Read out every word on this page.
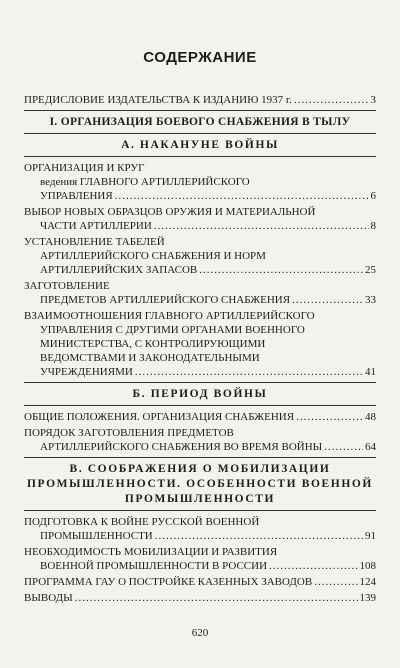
СОДЕРЖАНИЕ
ПРЕДИСЛОВИЕ ИЗДАТЕЛЬСТВА К ИЗДАНИЮ 1937 г. .....	3
I. ОРГАНИЗАЦИЯ БОЕВОГО СНАБЖЕНИЯ В ТЫЛУ
А. НАКАНУНЕ ВОЙНЫ
ОРГАНИЗАЦИЯ И КРУГ
ведения ГЛАВНОГО АРТИЛЛЕРИЙСКОГО
УПРАВЛЕНИЯ .....	6
ВЫБОР НОВЫХ ОБРАЗЦОВ ОРУЖИЯ И МАТЕРИАЛЬНОЙ
ЧАСТИ АРТИЛЛЕРИИ .....	8
УСТАНОВЛЕНИЕ ТАБЕЛЕЙ
АРТИЛЛЕРИЙСКОГО СНАБЖЕНИЯ И НОРМ
АРТИЛЛЕРИЙСКИХ ЗАПАСОВ .....	25
ЗАГОТОВЛЕНИЕ
ПРЕДМЕТОВ АРТИЛЛЕРИЙСКОГО СНАБЖЕНИЯ .....	33
ВЗАИМООТНОШЕНИЯ ГЛАВНОГО АРТИЛЛЕРИЙСКОГО
УПРАВЛЕНИЯ С ДРУГИМИ ОРГАНАМИ ВОЕННОГО
МИНИСТЕРСТВА, С КОНТРОЛИРУЮЩИМИ
ВЕДОМСТВАМИ И ЗАКОНОДАТЕЛЬНЫМИ
УЧРЕЖДЕНИЯМИ .....	41
Б. ПЕРИОД ВОЙНЫ
ОБЩИЕ ПОЛОЖЕНИЯ. ОРГАНИЗАЦИЯ СНАБЖЕНИЯ .....	48
ПОРЯДОК ЗАГОТОВЛЕНИЯ ПРЕДМЕТОВ
АРТИЛЛЕРИЙСКОГО СНАБЖЕНИЯ ВО ВРЕМЯ ВОЙНЫ .....	64
В. СООБРАЖЕНИЯ О МОБИЛИЗАЦИИ
ПРОМЫШЛЕННОСТИ. ОСОБЕННОСТИ ВОЕННОЙ
ПРОМЫШЛЕННОСТИ
ПОДГОТОВКА К ВОЙНЕ РУССКОЙ ВОЕННОЙ
ПРОМЫШЛЕННОСТИ .....	91
НЕОБХОДИМОСТЬ МОБИЛИЗАЦИИ И РАЗВИТИЯ
ВОЕННОЙ ПРОМЫШЛЕННОСТИ В РОССИИ .....	108
ПРОГРАММА ГАУ О ПОСТРОЙКЕ КАЗЕННЫХ ЗАВОДОВ .....	124
ВЫВОДЫ .....	139
620
